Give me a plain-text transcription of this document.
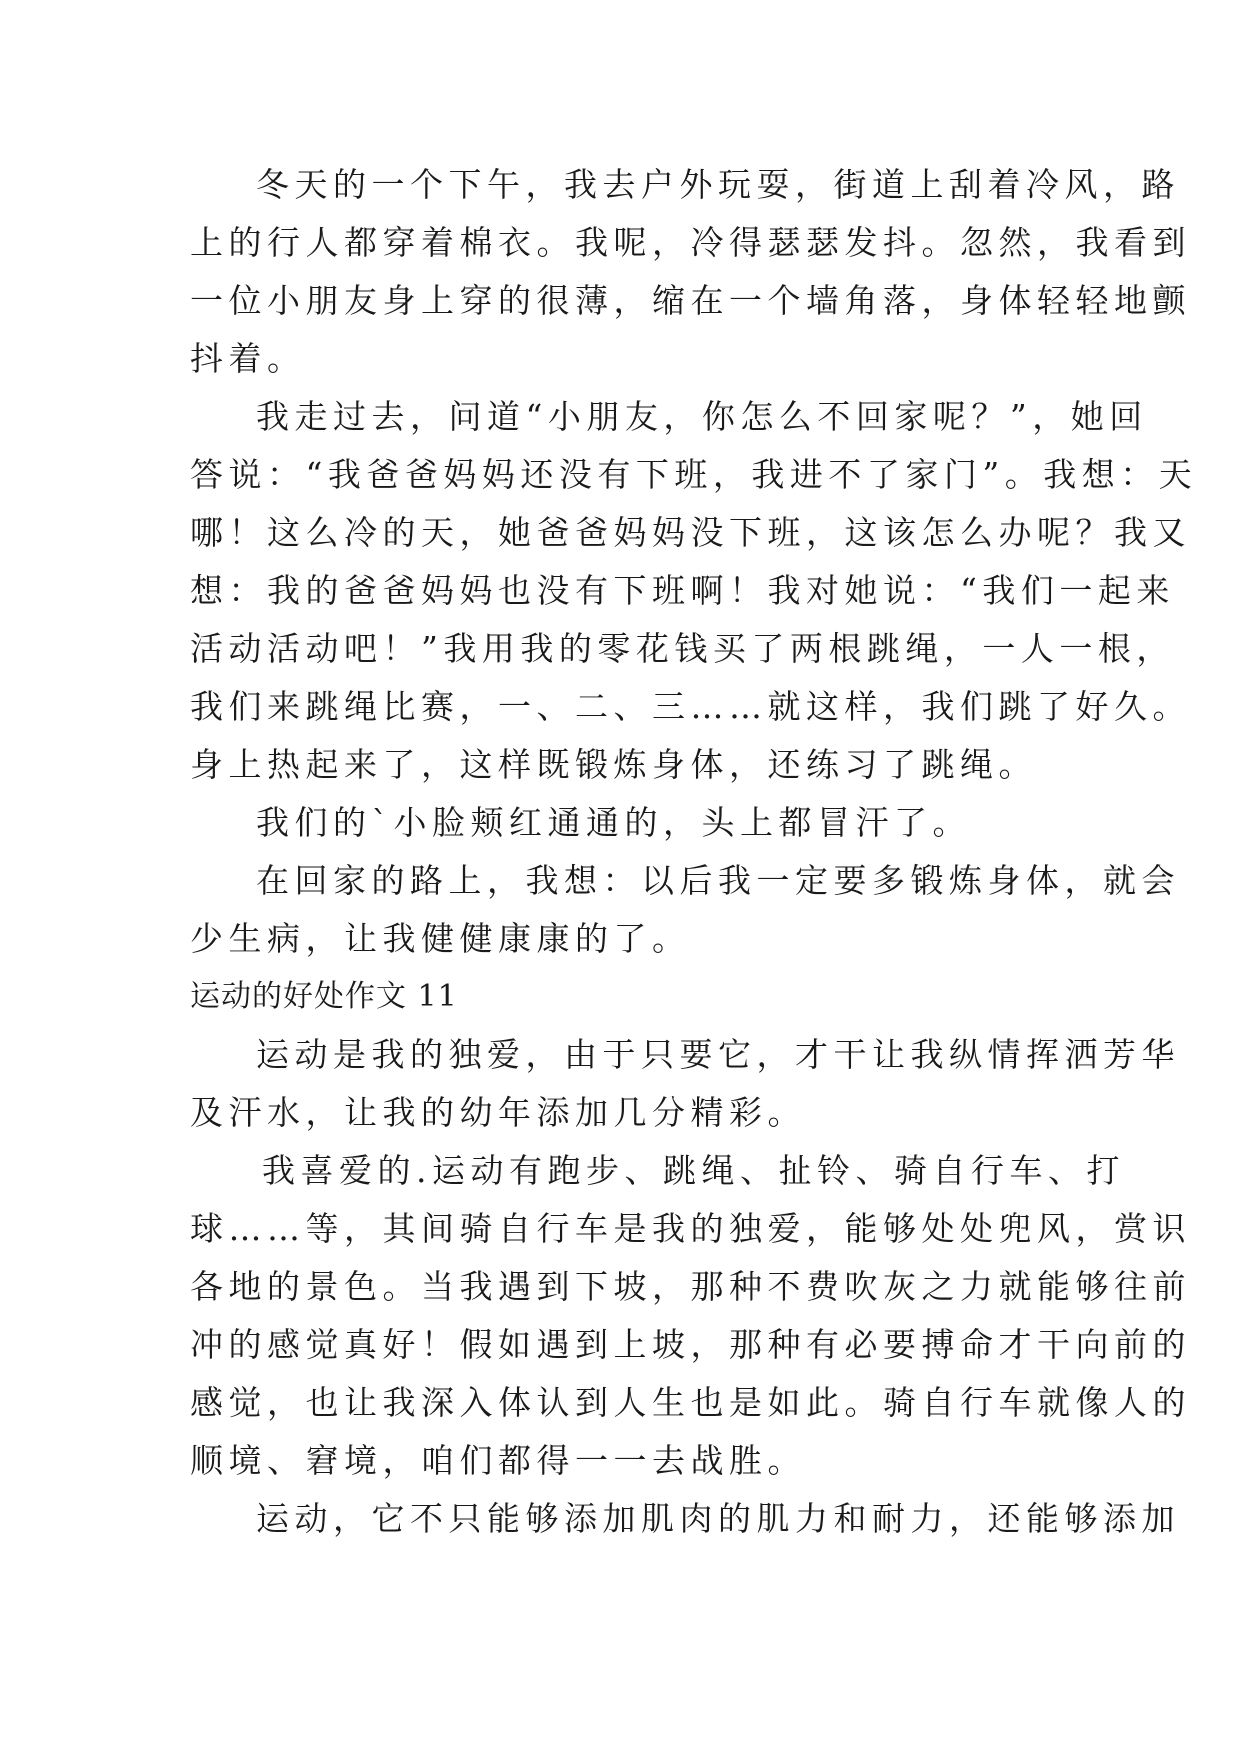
冬天的一个下午，我去户外玩耍，街道上刮着冷风，路

上的行人都穿着棉衣。我呢，冷得瑟瑟发抖。忽然，我看到

一位小朋友身上穿的很薄，缩在一个墙角落，身体轻轻地颤

抖着。

我走过去，问道“小朋友，你怎么不回家呢？”，她回

答说：“我爸爸妈妈还没有下班，我进不了家门”。我想：天

哪！这么冷的天，她爸爸妈妈没下班，这该怎么办呢？我又

想：我的爸爸妈妈也没有下班啊！我对她说：“我们一起来

活动活动吧！”我用我的零花钱买了两根跳绳，一人一根，

我们来跳绳比赛，一、二、三……就这样，我们跳了好久。

身上热起来了，这样既锻炼身体，还练习了跳绳。

我们的`小脸颊红通通的，头上都冒汗了。

在回家的路上，我想：以后我一定要多锻炼身体，就会

少生病，让我健健康康的了。

运动的好处作文 11

运动是我的独爱，由于只要它，才干让我纵情挥洒芳华

及汗水，让我的幼年添加几分精彩。

我喜爱的.运动有跑步、跳绳、扯铃、骑自行车、打

球……等，其间骑自行车是我的独爱，能够处处兜风，赏识

各地的景色。当我遇到下坡，那种不费吹灰之力就能够往前

冲的感觉真好！假如遇到上坡，那种有必要搏命才干向前的

感觉，也让我深入体认到人生也是如此。骑自行车就像人的

顺境、窘境，咱们都得一一去战胜。

运动，它不只能够添加肌肉的肌力和耐力，还能够添加
